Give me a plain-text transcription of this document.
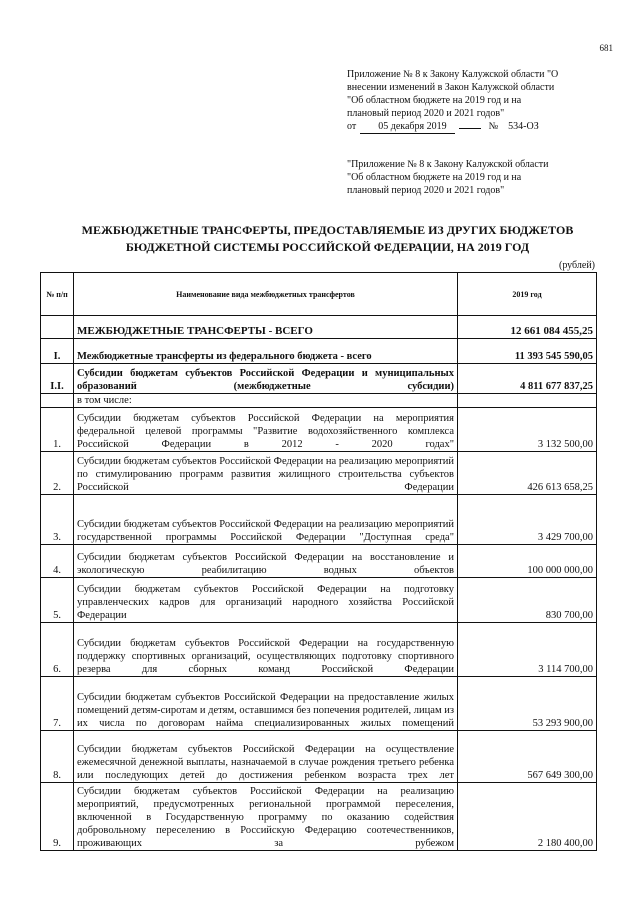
681

Приложение № 8 к Закону Калужской области "О

внесении изменений в Закон Калужской области

"Об областном бюджете на 2019 год и на

плановый период 2020 и 2021 годов"

от	05 декабря 2019	№ 534-ОЗ

"Приложение № 8 к Закону Калужской области
"Об областном бюджете на 2019 год и на
плановый период 2020 и 2021 годов"
МЕЖБЮДЖЕТНЫЕ ТРАНСФЕРТЫ, ПРЕДОСТАВЛЯЕМЫЕ ИЗ ДРУГИХ БЮДЖЕТОВ
БЮДЖЕТНОЙ СИСТЕМЫ РОССИЙСКОЙ ФЕДЕРАЦИИ, НА 2019 ГОД
(рублей)
№ п/п	Наименование вида межбюджетных трансфертов	2019 год
	МЕЖБЮДЖЕТНЫЕ ТРАНСФЕРТЫ - ВСЕГО	12 661 084 455,25
I.	Межбюджетные трансферты из федерального бюджета - всего	11 393 545 590,05
I.I.	Субсидии бюджетам субъектов Российской Федерации и муниципальных образований (межбюджетные субсидии)	4 811 677 837,25
	в том числе:	
1.	Субсидии бюджетам субъектов Российской Федерации на мероприятия федеральной целевой программы "Развитие водохозяйственного комплекса Российской Федерации в 2012 - 2020 годах"	3 132 500,00
2.	Субсидии бюджетам субъектов Российской Федерации на реализацию мероприятий по стимулированию программ развития жилищного строительства субъектов Российской Федерации	426 613 658,25
3.	Субсидии бюджетам субъектов Российской Федерации на реализацию мероприятий государственной программы Российской Федерации "Доступная среда"	3 429 700,00
4.	Субсидии бюджетам субъектов Российской Федерации на восстановление и экологическую реабилитацию водных объектов	100 000 000,00
5.	Субсидии бюджетам субъектов Российской Федерации на подготовку управленческих кадров для организаций народного хозяйства Российской Федерации	830 700,00
6.	Субсидии бюджетам субъектов Российской Федерации на государственную поддержку спортивных организаций, осуществляющих подготовку спортивного резерва для сборных команд Российской Федерации	3 114 700,00
7.	Субсидии бюджетам субъектов Российской Федерации на предоставление жилых помещений детям-сиротам и детям, оставшимся без попечения родителей, лицам из их числа по договорам найма специализированных жилых помещений	53 293 900,00
8.	Субсидии бюджетам субъектов Российской Федерации на осуществление ежемесячной денежной выплаты, назначаемой в случае рождения третьего ребенка или последующих детей до достижения ребенком возраста трех лет	567 649 300,00
9.	Субсидии бюджетам субъектов Российской Федерации на реализацию мероприятий, предусмотренных региональной программой переселения, включенной в Государственную программу по оказанию содействия добровольному переселению в Российскую Федерацию соотечественников, проживающих за рубежом	2 180 400,00
